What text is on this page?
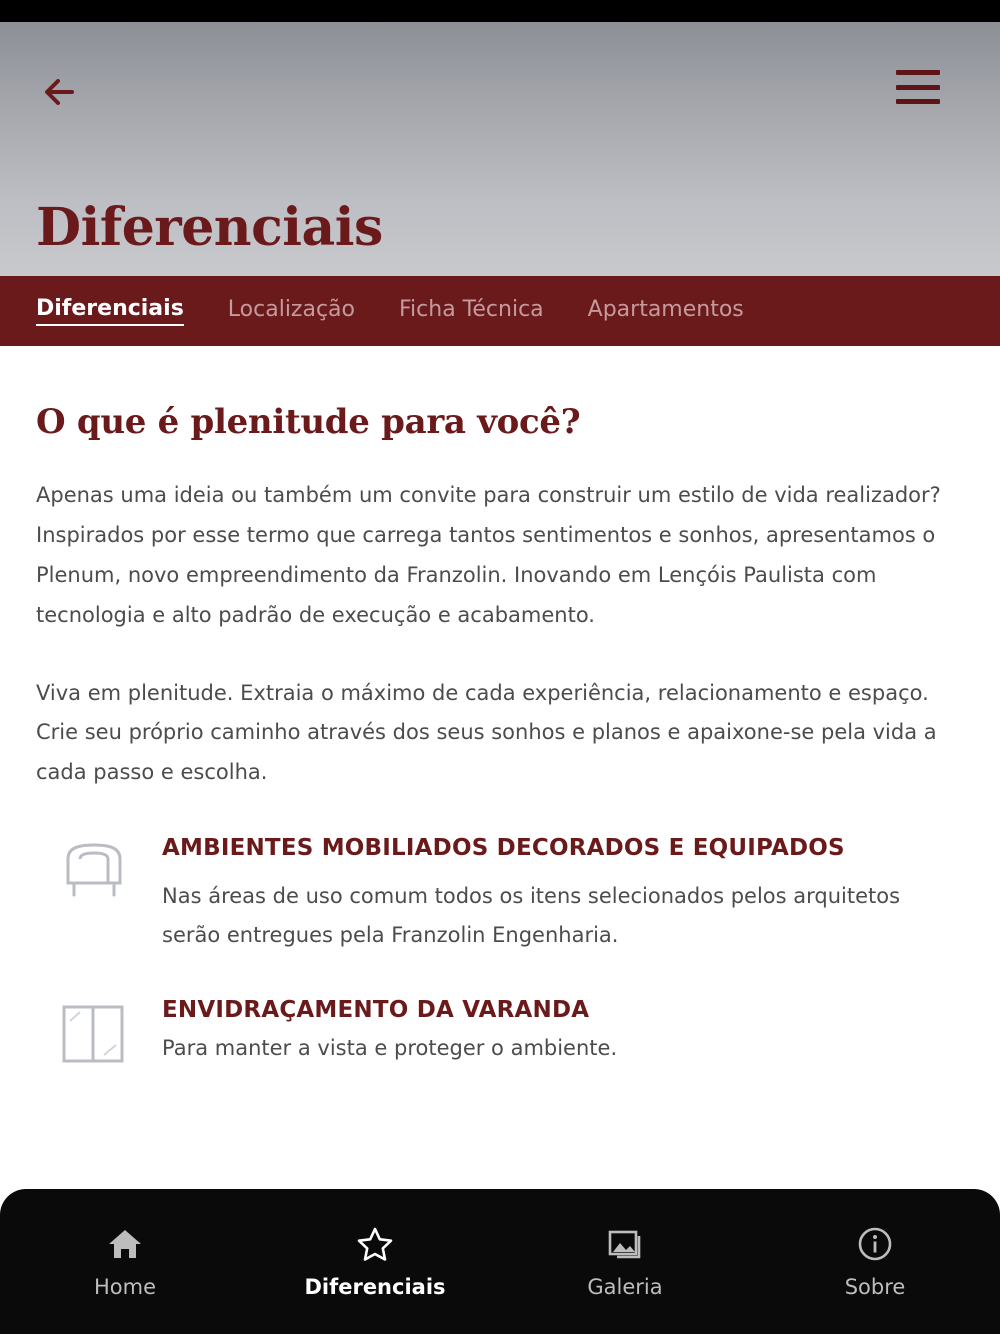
Diferenciais
Diferenciais Localização Ficha Técnica Apartamentos
O que é plenitude para você?
Apenas uma ideia ou também um convite para construir um estilo de vida realizador? Inspirados por esse termo que carrega tantos sentimentos e sonhos, apresentamos o Plenum, novo empreendimento da Franzolin. Inovando em Lençóis Paulista com tecnologia e alto padrão de execução e acabamento.
Viva em plenitude. Extraia o máximo de cada experiência, relacionamento e espaço. Crie seu próprio caminho através dos seus sonhos e planos e apaixone-se pela vida a cada passo e escolha.
AMBIENTES MOBILIADOS DECORADOS E EQUIPADOS
Nas áreas de uso comum todos os itens selecionados pelos arquitetos serão entregues pela Franzolin Engenharia.
ENVIDRAÇAMENTO DA VARANDA
Para manter a vista e proteger o ambiente.
Home	Diferenciais	Galeria	Sobre
